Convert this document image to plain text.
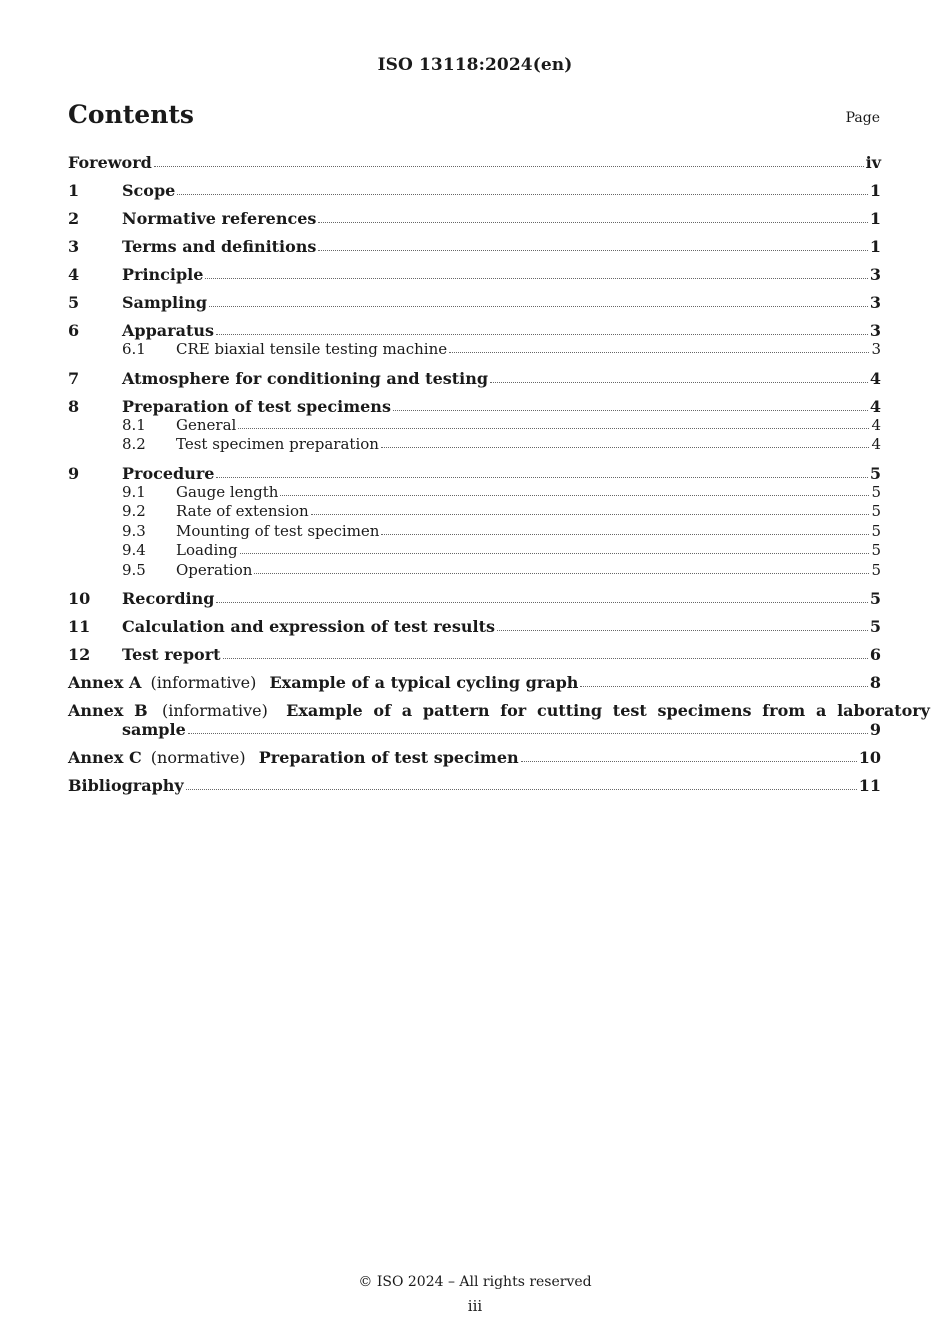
ISO 13118:2024(en)
Contents	Page
Foreword	iv
1	Scope	1
2	Normative references	1
3	Terms and definitions	1
4	Principle	3
5	Sampling	3
6	Apparatus	3
6.1	CRE biaxial tensile testing machine	3
7	Atmosphere for conditioning and testing	4
8	Preparation of test specimens	4
8.1	General	4
8.2	Test specimen preparation	4
9	Procedure	5
9.1	Gauge length	5
9.2	Rate of extension	5
9.3	Mounting of test specimen	5
9.4	Loading	5
9.5	Operation	5
10	Recording	5
11	Calculation and expression of test results	5
12	Test report	6
Annex A (informative) Example of a typical cycling graph	8
Annex B (informative) Example of a pattern for cutting test specimens from a laboratory
sample	9
Annex C (normative) Preparation of test specimen	10
Bibliography	11
© ISO 2024 – All rights reserved
iii
